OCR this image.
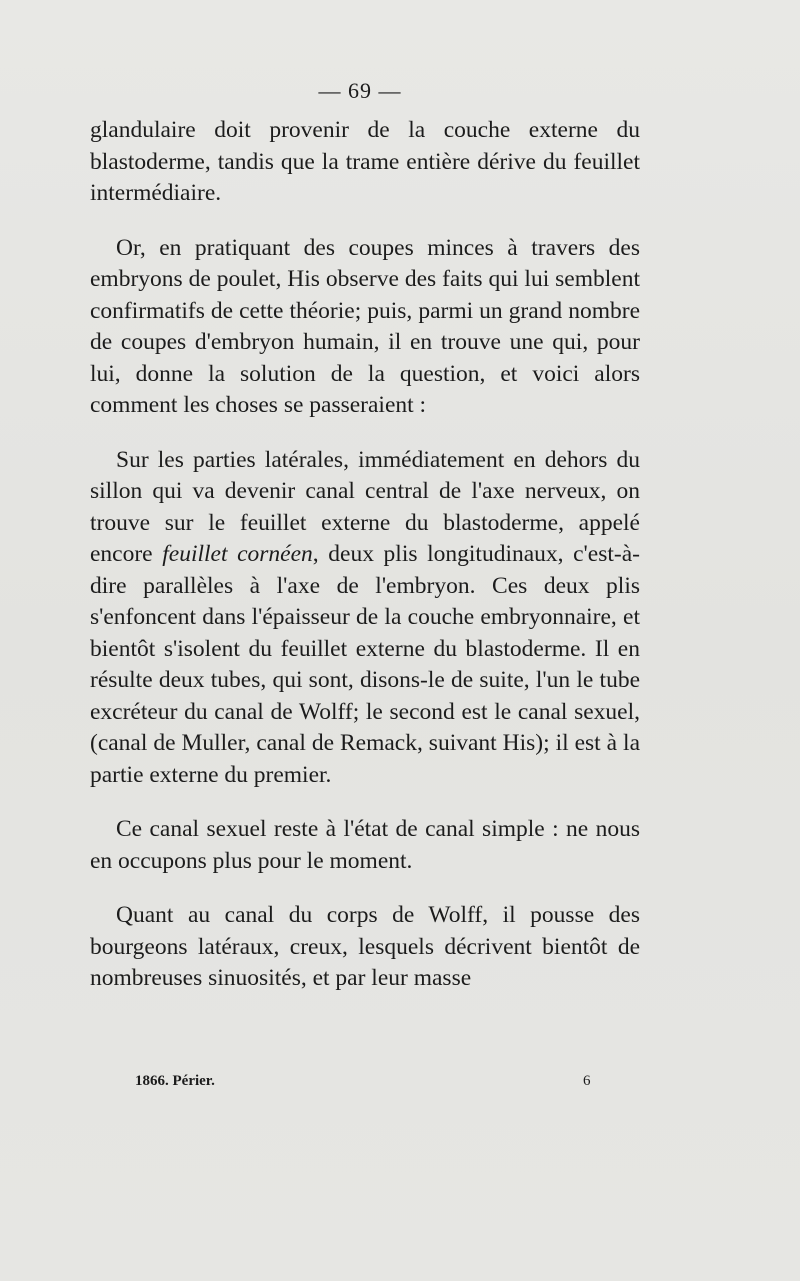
— 69 —

glandulaire doit provenir de la couche externe du blastoderme, tandis que la trame entière dérive du feuillet intermédiaire.

Or, en pratiquant des coupes minces à travers des embryons de poulet, His observe des faits qui lui semblent confirmatifs de cette théorie; puis, parmi un grand nombre de coupes d'embryon humain, il en trouve une qui, pour lui, donne la solution de la question, et voici alors comment les choses se passeraient :

Sur les parties latérales, immédiatement en dehors du sillon qui va devenir canal central de l'axe nerveux, on trouve sur le feuillet externe du blastoderme, appelé encore feuillet cornéen, deux plis longitudinaux, c'est-à-dire parallèles à l'axe de l'embryon. Ces deux plis s'enfoncent dans l'épaisseur de la couche embryonnaire, et bientôt s'isolent du feuillet externe du blastoderme. Il en résulte deux tubes, qui sont, disons-le de suite, l'un le tube excréteur du canal de Wolff; le second est le canal sexuel, (canal de Muller, canal de Remack, suivant His); il est à la partie externe du premier.

Ce canal sexuel reste à l'état de canal simple : ne nous en occupons plus pour le moment.

Quant au canal du corps de Wolff, il pousse des bourgeons latéraux, creux, lesquels décrivent bientôt de nombreuses sinuosités, et par leur masse

1866. Périer.	6
